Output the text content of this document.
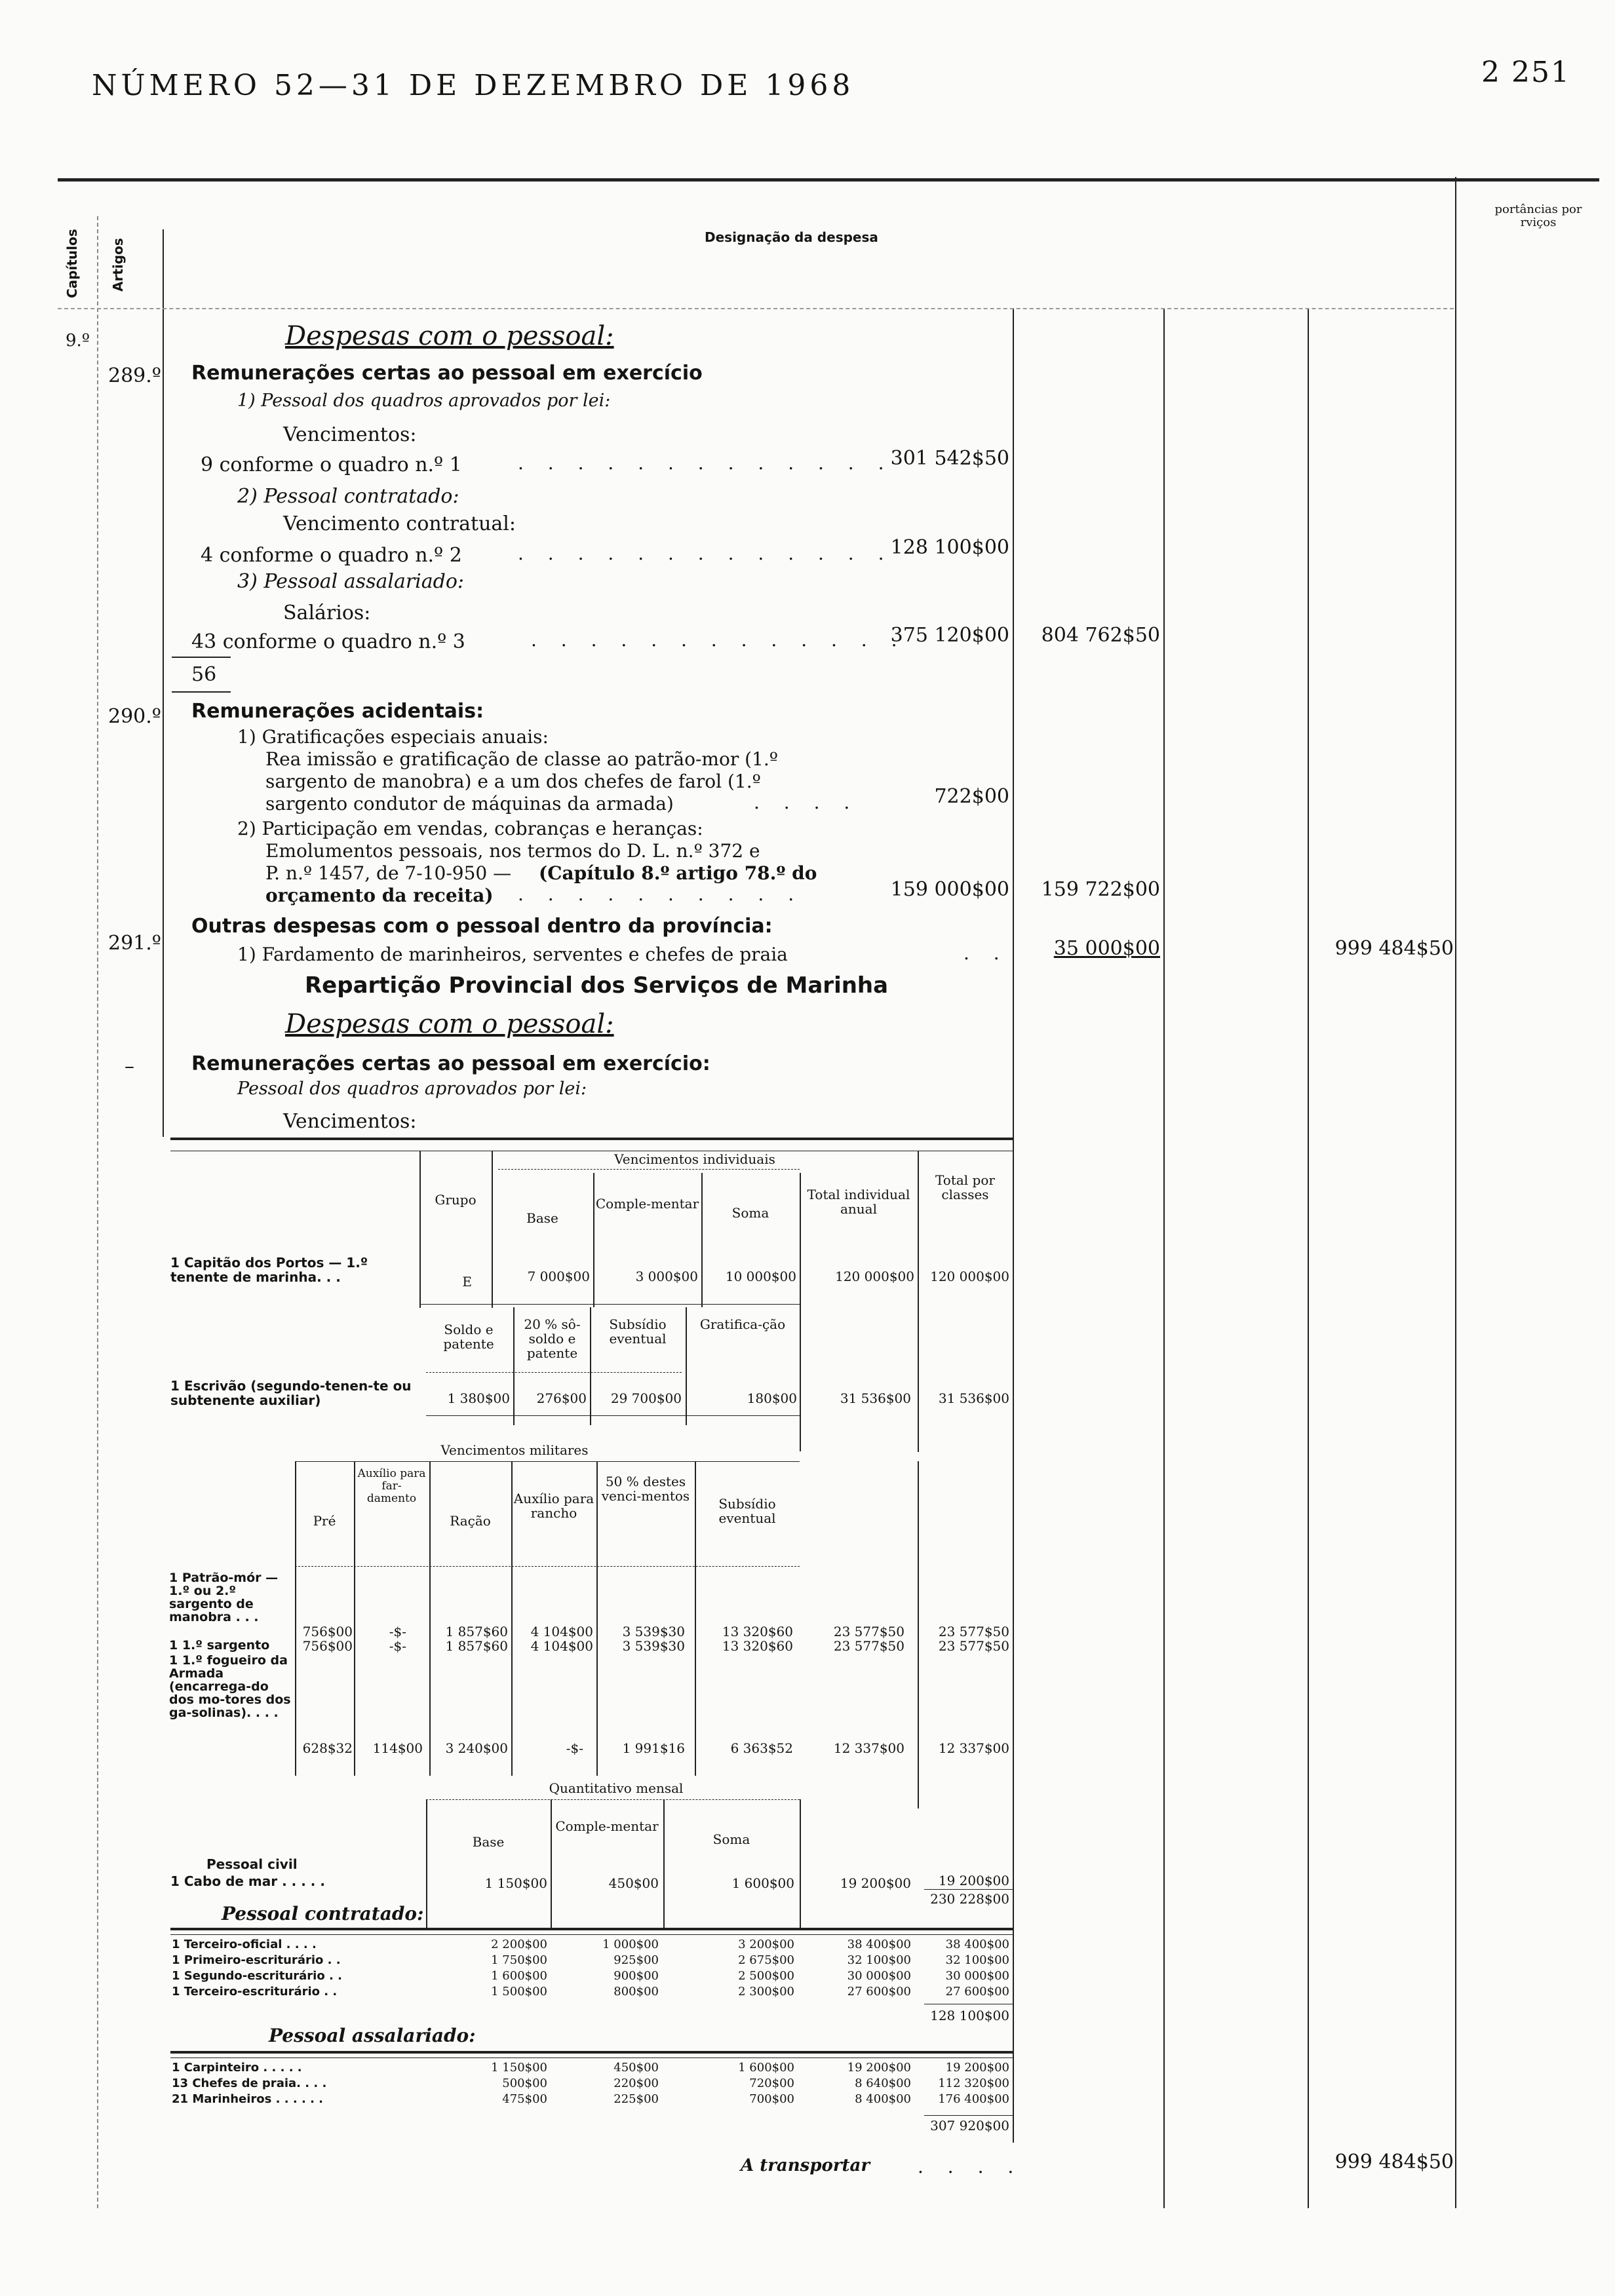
NÚMERO 52—31 DE DEZEMBRO DE 1968	2 251
Capítulos Artigos
Designação da despesa
portâncias por rviços
9.º	Despesas com o pessoal:
289.º Remunerações certas ao pessoal em exercício
1) Pessoal dos quadros aprovados por lei:
Vencimentos:
9 conforme o quadro n.º 1	. . . . . . . . . . . . .
301 542$50
2) Pessoal contratado:
Vencimento contratual:
4 conforme o quadro n.º 2	. . . . . . . . . . . . .
128 100$00
3) Pessoal assalariado:
Salários:
43 conforme o quadro n.º 3	. . . . . . . . . . . . .
375 120$00	804 762$50
56
290.º Remunerações acidentais:
1) Gratificações especiais anuais:
Rea imissão e gratificação de classe ao patrão-mor (1.º
sargento de manobra) e a um dos chefes de farol (1.º
sargento condutor de máquinas da armada)	. . . .	722$00
2) Participação em vendas, cobranças e heranças:
Emolumentos pessoais, nos termos do D. L. n.º 372 e
P. n.º 1457, de 7-10-950 — (Capítulo 8.º artigo 78.º do
orçamento da receita) . . . . . . . . . .	159 000$00	159 722$00
291.º
Outras despesas com o pessoal dentro da província:
1) Fardamento de marinheiros, serventes e chefes de praia	. .	35 000$00	999 484$50
Repartição Provincial dos Serviços de Marinha
Despesas com o pessoal:
–	Remunerações certas ao pessoal em exercício:
Pessoal dos quadros aprovados por lei:
Vencimentos:
Vencimentos individuais
Grupo
Base
Comple-mentar
Soma
Total individual anual
Total por classes
1 Capitão dos Portos — 1.º tenente de marinha. . .	E	7 000$00	3 000$00	10 000$00	120 000$00	120 000$00
Soldo e patente
20 % sô-soldo e patente
Subsídio eventual
Gratifica-ção
1 Escrivão (segundo-tenen-te ou subtenente auxiliar)	1 380$00	276$00	29 700$00	180$00	31 536$00	31 536$00
Vencimentos militares
Pré
Auxílio para far-damento
Ração
Auxílio para rancho
50 % destes venci-mentos	Subsídio eventual
1 Patrão-mór — 1.º ou 2.º sargento de manobra . . .
756$00	-$-	1 857$60	4 104$00	3 539$30	13 320$60	23 577$50	23 577$50
1 1.º sargento	756$00	-$-	1 857$60	4 104$00	3 539$30	13 320$60	23 577$50	23 577$50
1 1.º fogueiro da Armada (encarrega-do dos mo-tores dos ga-solinas). . . .
628$32	114$00	3 240$00	-$-	1 991$16	6 363$52	12 337$00	12 337$00
Quantitativo mensal
Base
Comple-mentar
Soma
Pessoal civil
1 Cabo de mar . . . . .	1 150$00	450$00	1 600$00	19 200$00	19 200$00
230 228$00
Pessoal contratado:
1 Terceiro-oficial . . . .	2 200$00	1 000$00	3 200$00	38 400$00	38 400$00
1 Primeiro-escriturário . .	1 750$00	925$00	2 675$00	32 100$00	32 100$00
1 Segundo-escriturário . .	1 600$00	900$00	2 500$00	30 000$00	30 000$00
1 Terceiro-escriturário . .	1 500$00	800$00	2 300$00	27 600$00	27 600$00
128 100$00
Pessoal assalariado:
1 Carpinteiro . . . . .	1 150$00	450$00	1 600$00	19 200$00	19 200$00
13 Chefes de praia. . . .	500$00	220$00	720$00	8 640$00	112 320$00
21 Marinheiros . . . . . .	475$00	225$00	700$00	8 400$00	176 400$00
307 920$00
A transportar	. . . .	999 484$50
